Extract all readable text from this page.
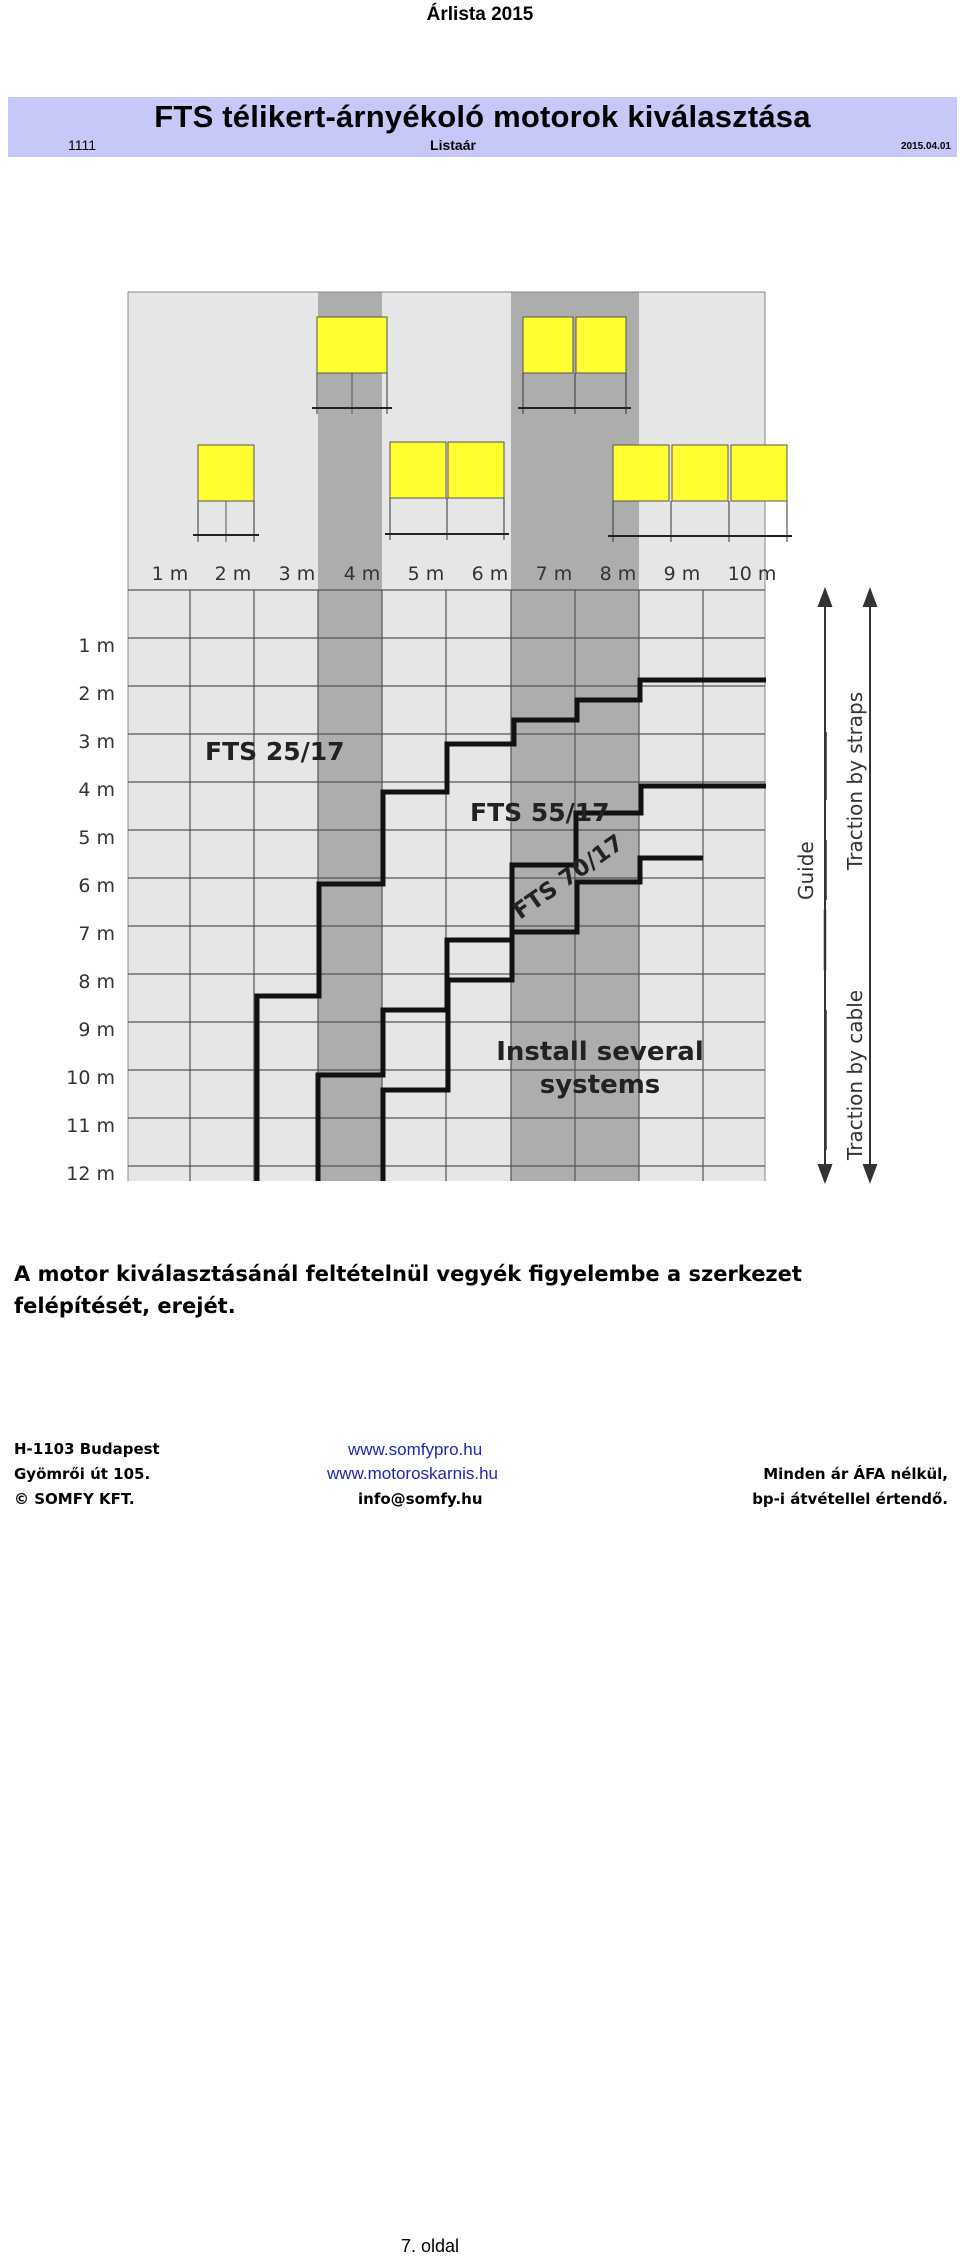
Árlista 2015
FTS télikert-árnyékoló motorok kiválasztása
1111	Listaár	2015.04.01
1 m 2 m 3 m 4 m 5 m 6 m 7 m 8 m 9 m 10 m
1 m
2 m
3 m
4 m
5 m
6 m
7 m
8 m
9 m
10 m
11 m
12 m
FTS 25/17
FTS 55/17
FTS 70/17
Install several
systems
Guide
Traction by straps
Traction by cable
A motor kiválasztásánál feltételnül vegyék figyelembe a szerkezet felépítését, erejét.
H-1103 Budapest
Gyömrői út 105.
© SOMFY KFT.
www.somfypro.hu
www.motoroskarnis.hu
info@somfy.hu
Minden ár ÁFA nélkül,
bp-i átvétellel értendő.
7. oldal
